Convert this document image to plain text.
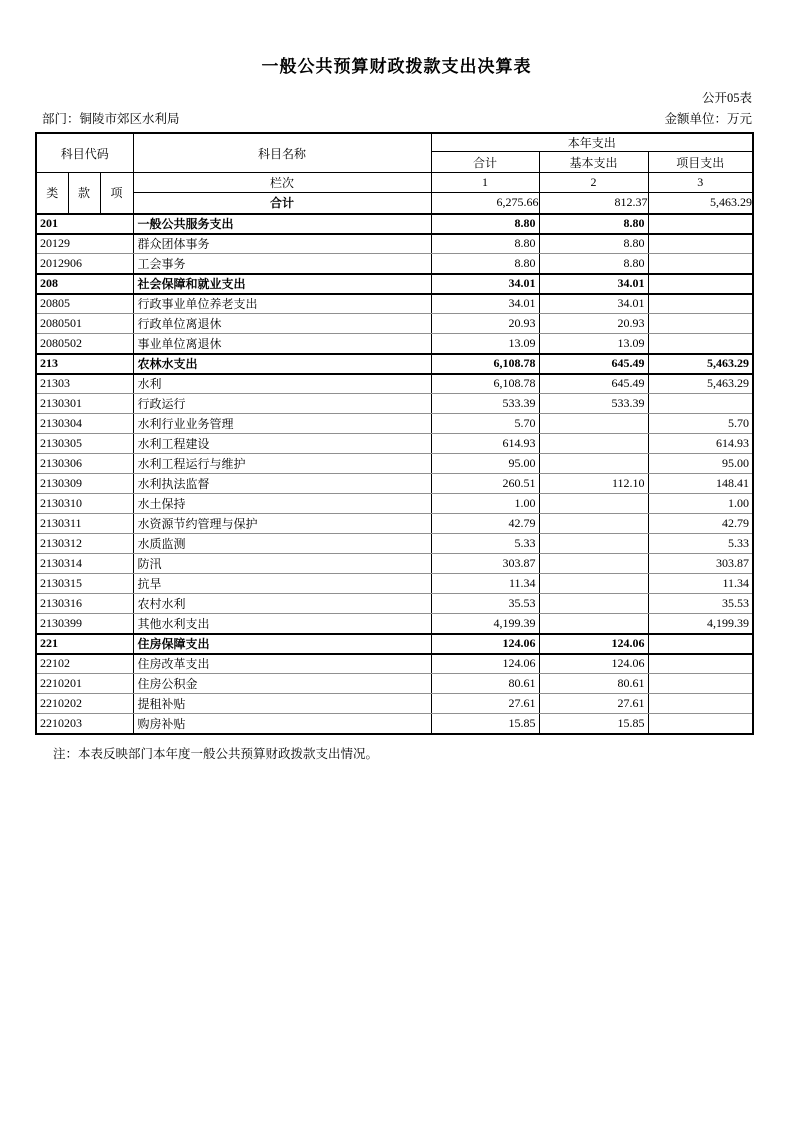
一般公共预算财政拨款支出决算表
公开05表
部门：铜陵市郊区水利局	金额单位：万元
科目代码			科目名称	本年支出		
				合计	基本支出	项目支出
类	款	项	栏次	1	2	3
			合计	6,275.66	812.37	5,463.29
201			一般公共服务支出	8.80	8.80	
20129			群众团体事务	8.80	8.80	
2012906			工会事务	8.80	8.80	
208			社会保障和就业支出	34.01	34.01	
20805			行政事业单位养老支出	34.01	34.01	
2080501			行政单位离退休	20.93	20.93	
2080502			事业单位离退休	13.09	13.09	
213			农林水支出	6,108.78	645.49	5,463.29
21303			水利	6,108.78	645.49	5,463.29
2130301			行政运行	533.39	533.39	
2130304			水利行业业务管理	5.70		5.70
2130305			水利工程建设	614.93		614.93
2130306			水利工程运行与维护	95.00		95.00
2130309			水利执法监督	260.51	112.10	148.41
2130310			水土保持	1.00		1.00
2130311			水资源节约管理与保护	42.79		42.79
2130312			水质监测	5.33		5.33
2130314			防汛	303.87		303.87
2130315			抗旱	11.34		11.34
2130316			农村水利	35.53		35.53
2130399			其他水利支出	4,199.39		4,199.39
221			住房保障支出	124.06	124.06	
22102			住房改革支出	124.06	124.06	
2210201			住房公积金	80.61	80.61	
2210202			提租补贴	27.61	27.61	
2210203			购房补贴	15.85	15.85	
注：本表反映部门本年度一般公共预算财政拨款支出情况。
